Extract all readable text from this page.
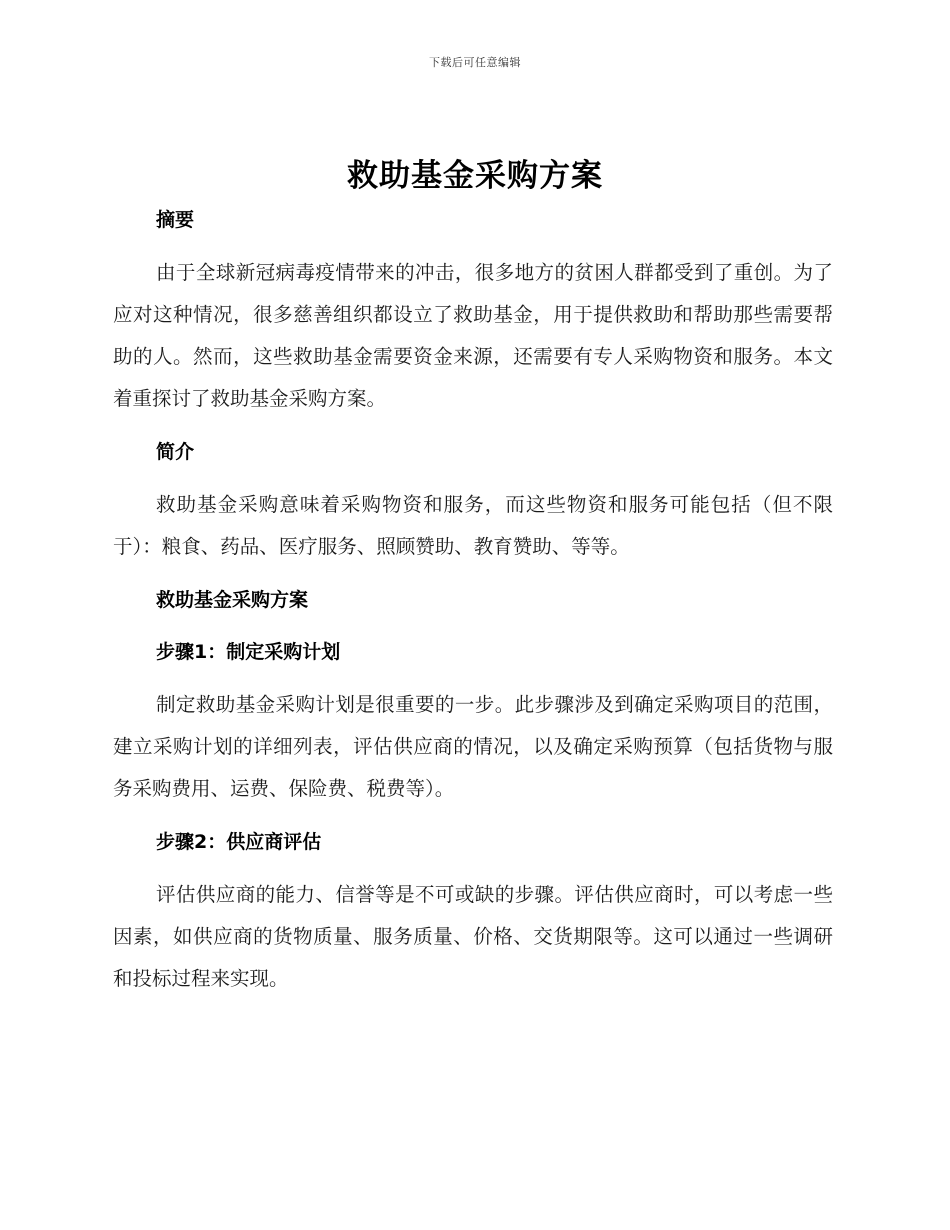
下载后可任意编辑
救助基金采购方案

摘要

由于全球新冠病毒疫情带来的冲击，很多地方的贫困人群都受到了重创。为了应对这种情况，很多慈善组织都设立了救助基金，用于提供救助和帮助那些需要帮助的人。然而，这些救助基金需要资金来源，还需要有专人采购物资和服务。本文着重探讨了救助基金采购方案。

简介

救助基金采购意味着采购物资和服务，而这些物资和服务可能包括（但不限于）：粮食、药品、医疗服务、照顾赞助、教育赞助、等等。

救助基金采购方案

步骤1：制定采购计划

制定救助基金采购计划是很重要的一步。此步骤涉及到确定采购项目的范围，建立采购计划的详细列表，评估供应商的情况，以及确定采购预算（包括货物与服务采购费用、运费、保险费、税费等）。

步骤2：供应商评估

评估供应商的能力、信誉等是不可或缺的步骤。评估供应商时，可以考虑一些因素，如供应商的货物质量、服务质量、价格、交货期限等。这可以通过一些调研和投标过程来实现。
